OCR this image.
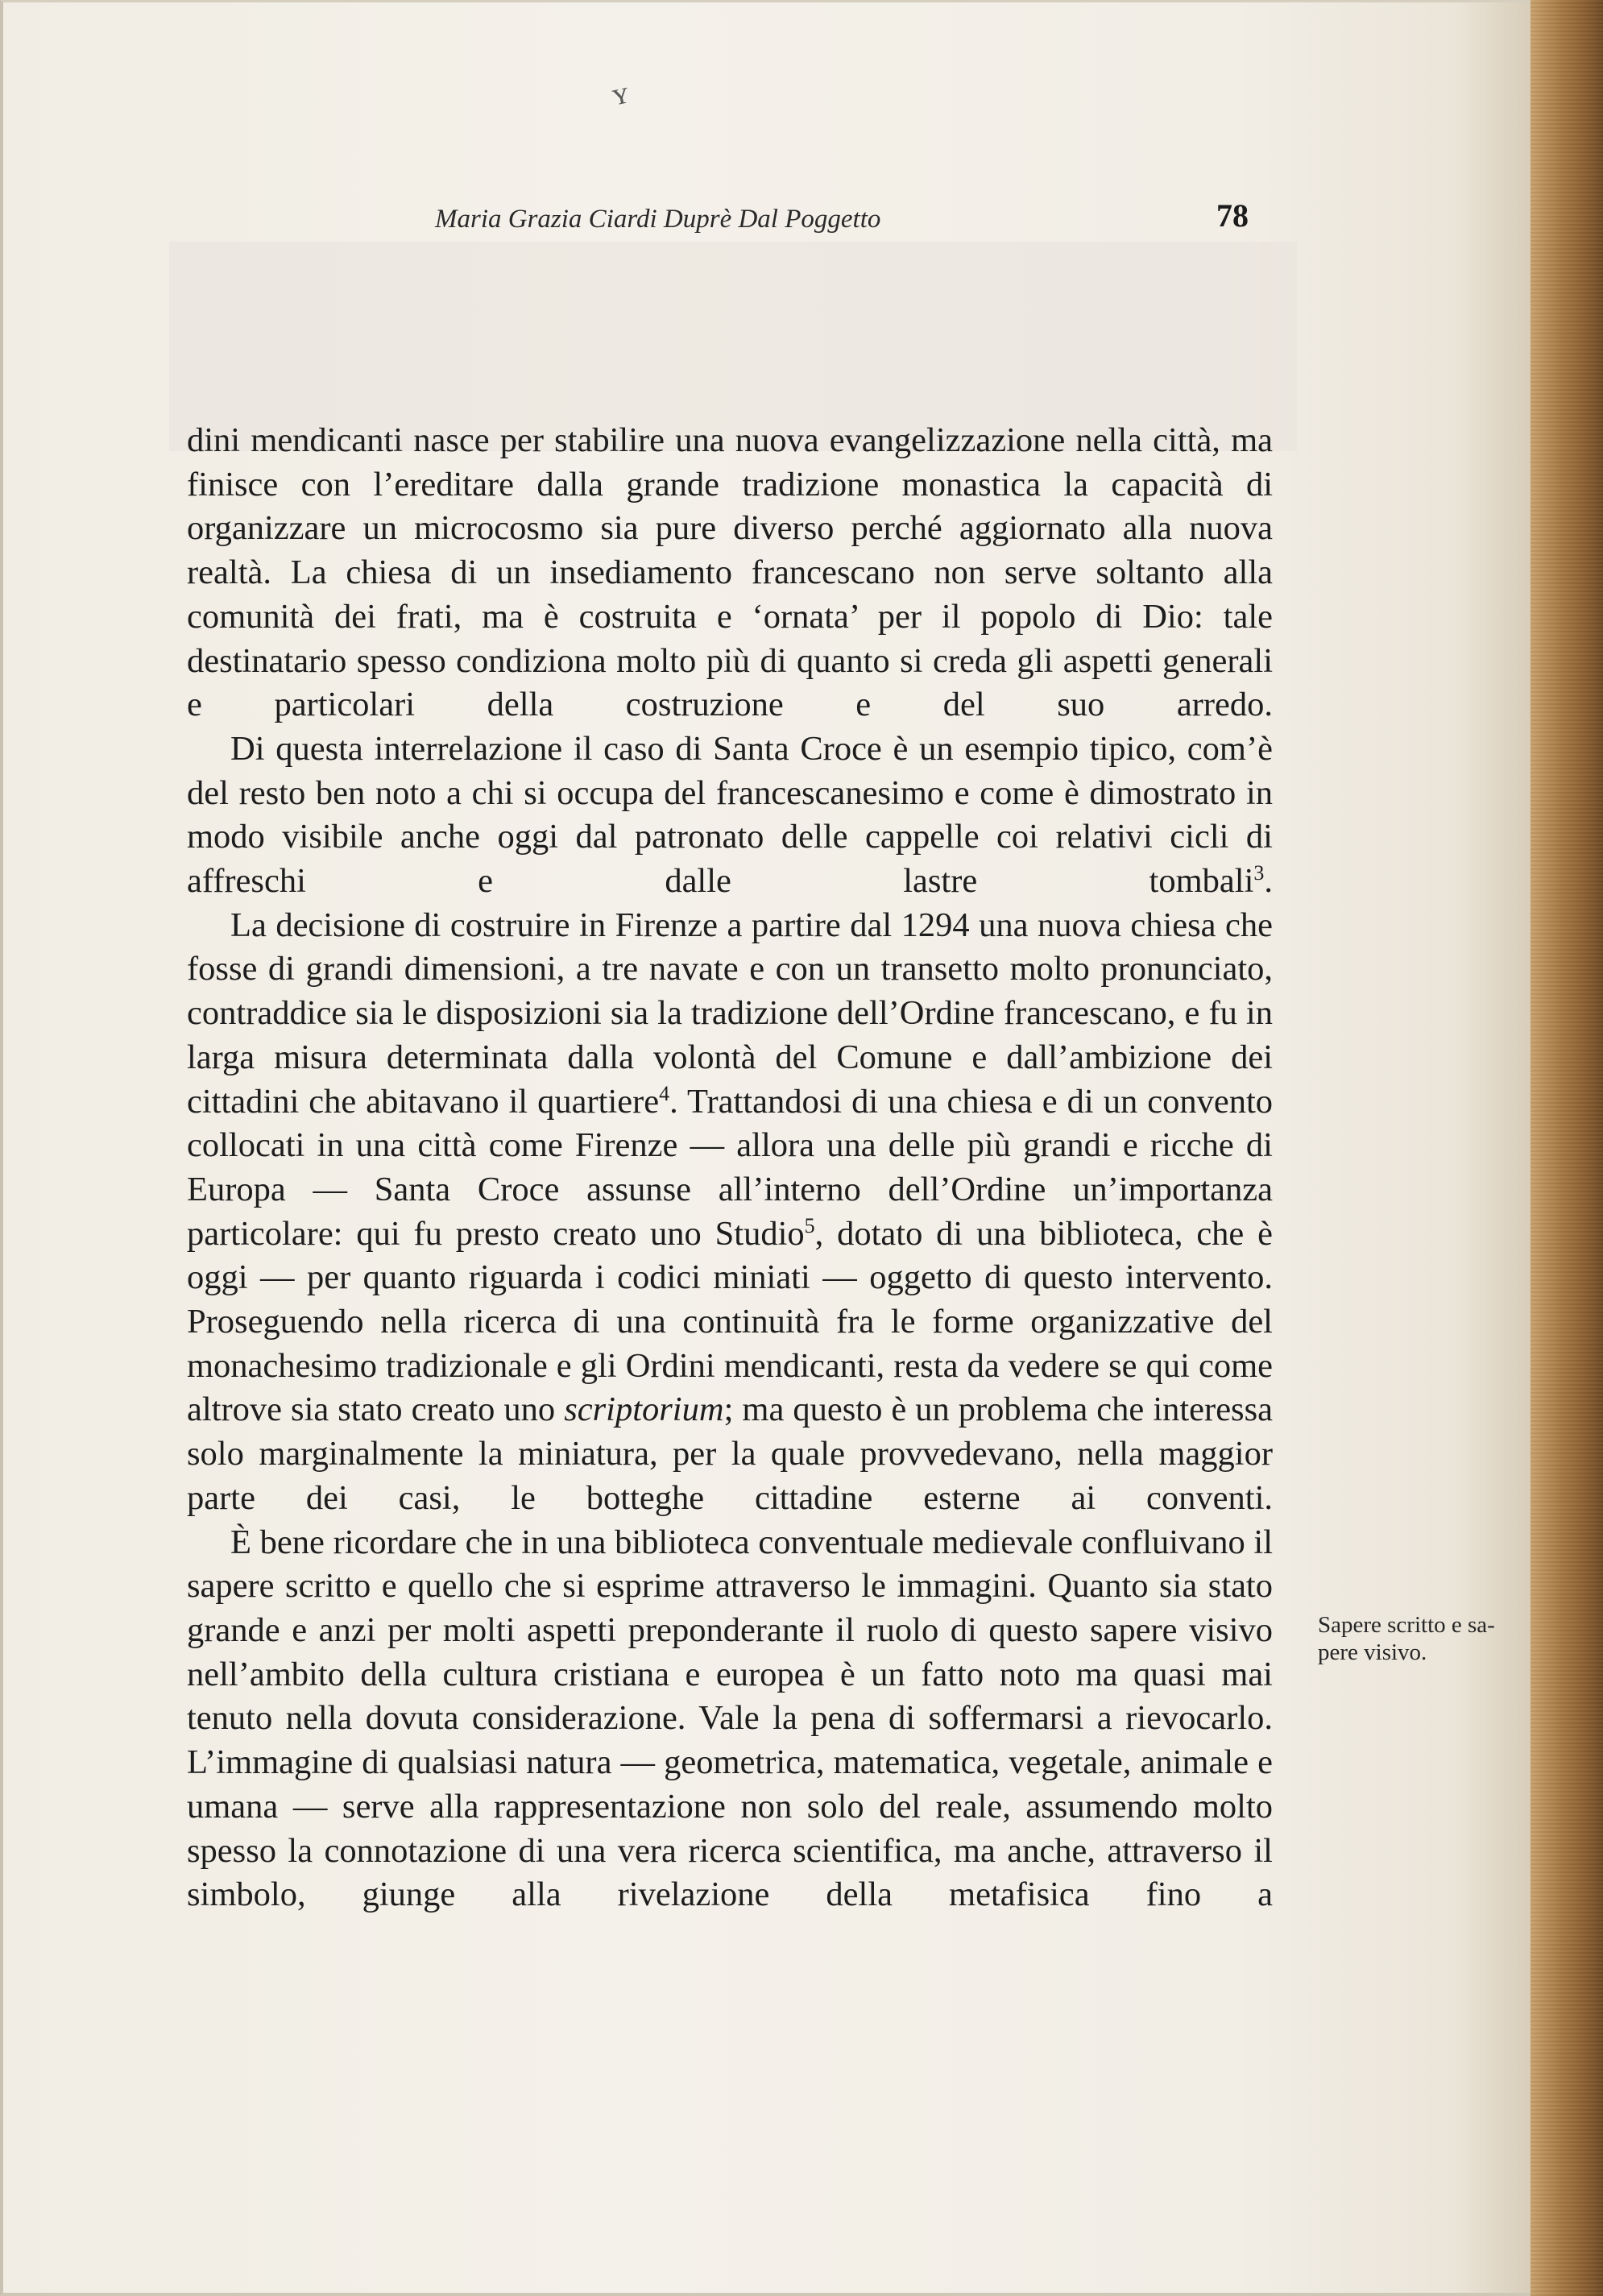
ʏ
Maria Grazia Ciardi Duprè Dal Poggetto	78

dini mendicanti nasce per stabilire una nuova evangelizzazione nella città, ma finisce con l’ereditare dalla grande tradizione monastica la capacità di organizzare un microcosmo sia pure diverso perché aggiornato alla nuova realtà. La chiesa di un insediamento francescano non serve soltanto alla comunità dei frati, ma è costruita e ‘ornata’ per il popolo di Dio: tale destinatario spesso condiziona molto più di quanto si creda gli aspetti generali e particolari della costruzione e del suo arredo.

Di questa interrelazione il caso di Santa Croce è un esempio tipico, com’è del resto ben noto a chi si occupa del francescanesimo e come è dimostrato in modo visibile anche oggi dal patronato delle cappelle coi relativi cicli di affreschi e dalle lastre tombali$^3$.

La decisione di costruire in Firenze a partire dal 1294 una nuova chiesa che fosse di grandi dimensioni, a tre navate e con un transetto molto pronunciato, contraddice sia le disposizioni sia la tradizione dell’Ordine francescano, e fu in larga misura determinata dalla volontà del Comune e dall’ambizione dei cittadini che abitavano il quartiere$^4$. Trattandosi di una chiesa e di un convento collocati in una città come Firenze — allora una delle più grandi e ricche di Europa — Santa Croce assunse all’interno dell’Ordine un’importanza particolare: qui fu presto creato uno Studio$^5$, dotato di una biblioteca, che è oggi — per quanto riguarda i codici miniati — oggetto di questo intervento. Proseguendo nella ricerca di una continuità fra le forme organizzative del monachesimo tradizionale e gli Ordini mendicanti, resta da vedere se qui come altrove sia stato creato uno scriptorium; ma questo è un problema che interessa solo marginalmente la miniatura, per la quale provvedevano, nella maggior parte dei casi, le botteghe cittadine esterne ai conventi.

È bene ricordare che in una biblioteca conventuale medievale confluivano il sapere scritto e quello che si esprime attraverso le immagini. Quanto sia stato grande e anzi per molti aspetti preponderante il ruolo di questo sapere visivo nell’ambito della cultura cristiana e europea è un fatto noto ma quasi mai tenuto nella dovuta considerazione. Vale la pena di soffermarsi a rievocarlo. L’immagine di qualsiasi natura — geometrica, matematica, vegetale, animale e umana — serve alla rappresentazione non solo del reale, assumendo molto spesso la connotazione di una vera ricerca scientifica, ma anche, attraverso il simbolo, giunge alla rivelazione della metafisica fino a

Sapere scritto e sa-
pere visivo.
